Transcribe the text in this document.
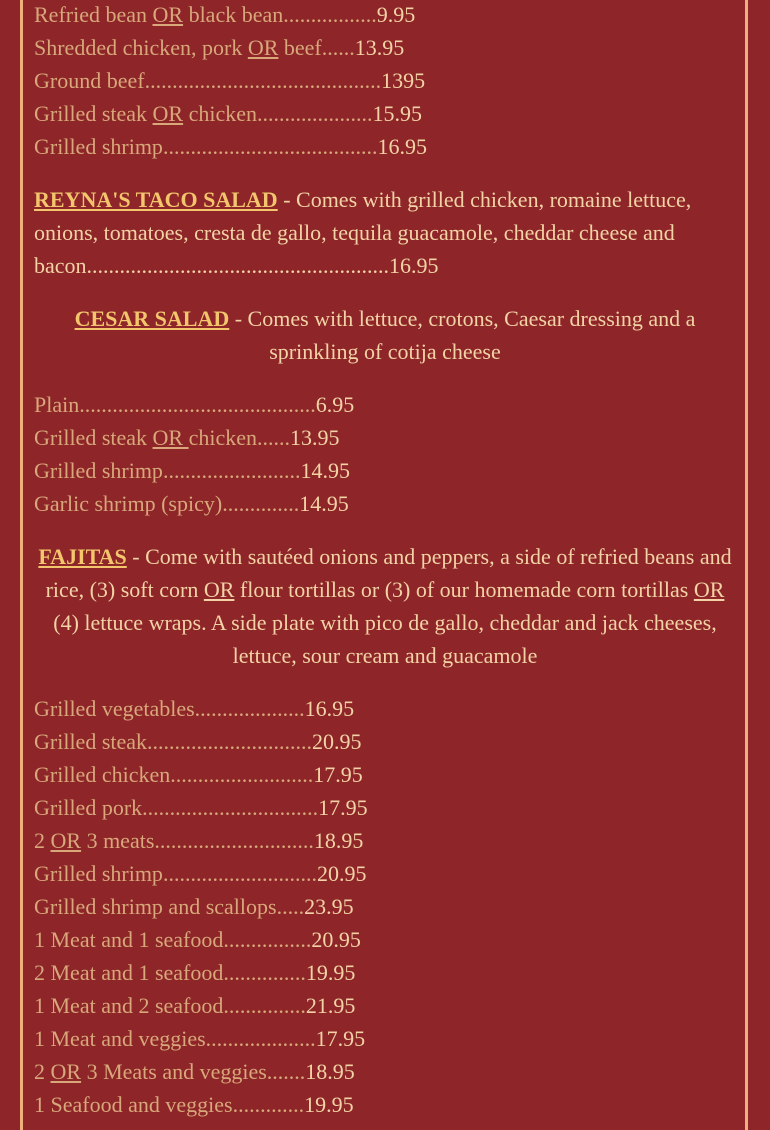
Refried bean OR black bean.................9.95
Shredded chicken, pork OR beef......13.95
Ground beef...........................................1395
Grilled steak OR chicken.....................15.95
Grilled shrimp.......................................16.95
REYNA'S TACO SALAD - Comes with grilled chicken, romaine lettuce, onions, tomatoes, cresta de gallo, tequila guacamole, cheddar cheese and bacon.......................................................16.95
CESAR SALAD - Comes with lettuce, crotons, Caesar dressing and a sprinkling of cotija cheese
Plain...........................................6.95
Grilled steak OR chicken......13.95
Grilled shrimp.........................14.95
Garlic shrimp (spicy)..............14.95
FAJITAS - Come with sautéed onions and peppers, a side of refried beans and rice, (3) soft corn OR flour tortillas or (3) of our homemade corn tortillas OR (4) lettuce wraps. A side plate with pico de gallo, cheddar and jack cheeses, lettuce, sour cream and guacamole
Grilled vegetables....................16.95
Grilled steak..............................20.95
Grilled chicken..........................17.95
Grilled pork................................17.95
2 OR 3 meats.............................18.95
Grilled shrimp............................20.95
Grilled shrimp and scallops.....23.95
1 Meat and 1 seafood................20.95
2 Meat and 1 seafood...............19.95
1 Meat and 2 seafood...............21.95
1 Meat and veggies....................17.95
2 OR 3 Meats and veggies.......18.95
1 Seafood and veggies.............19.95
